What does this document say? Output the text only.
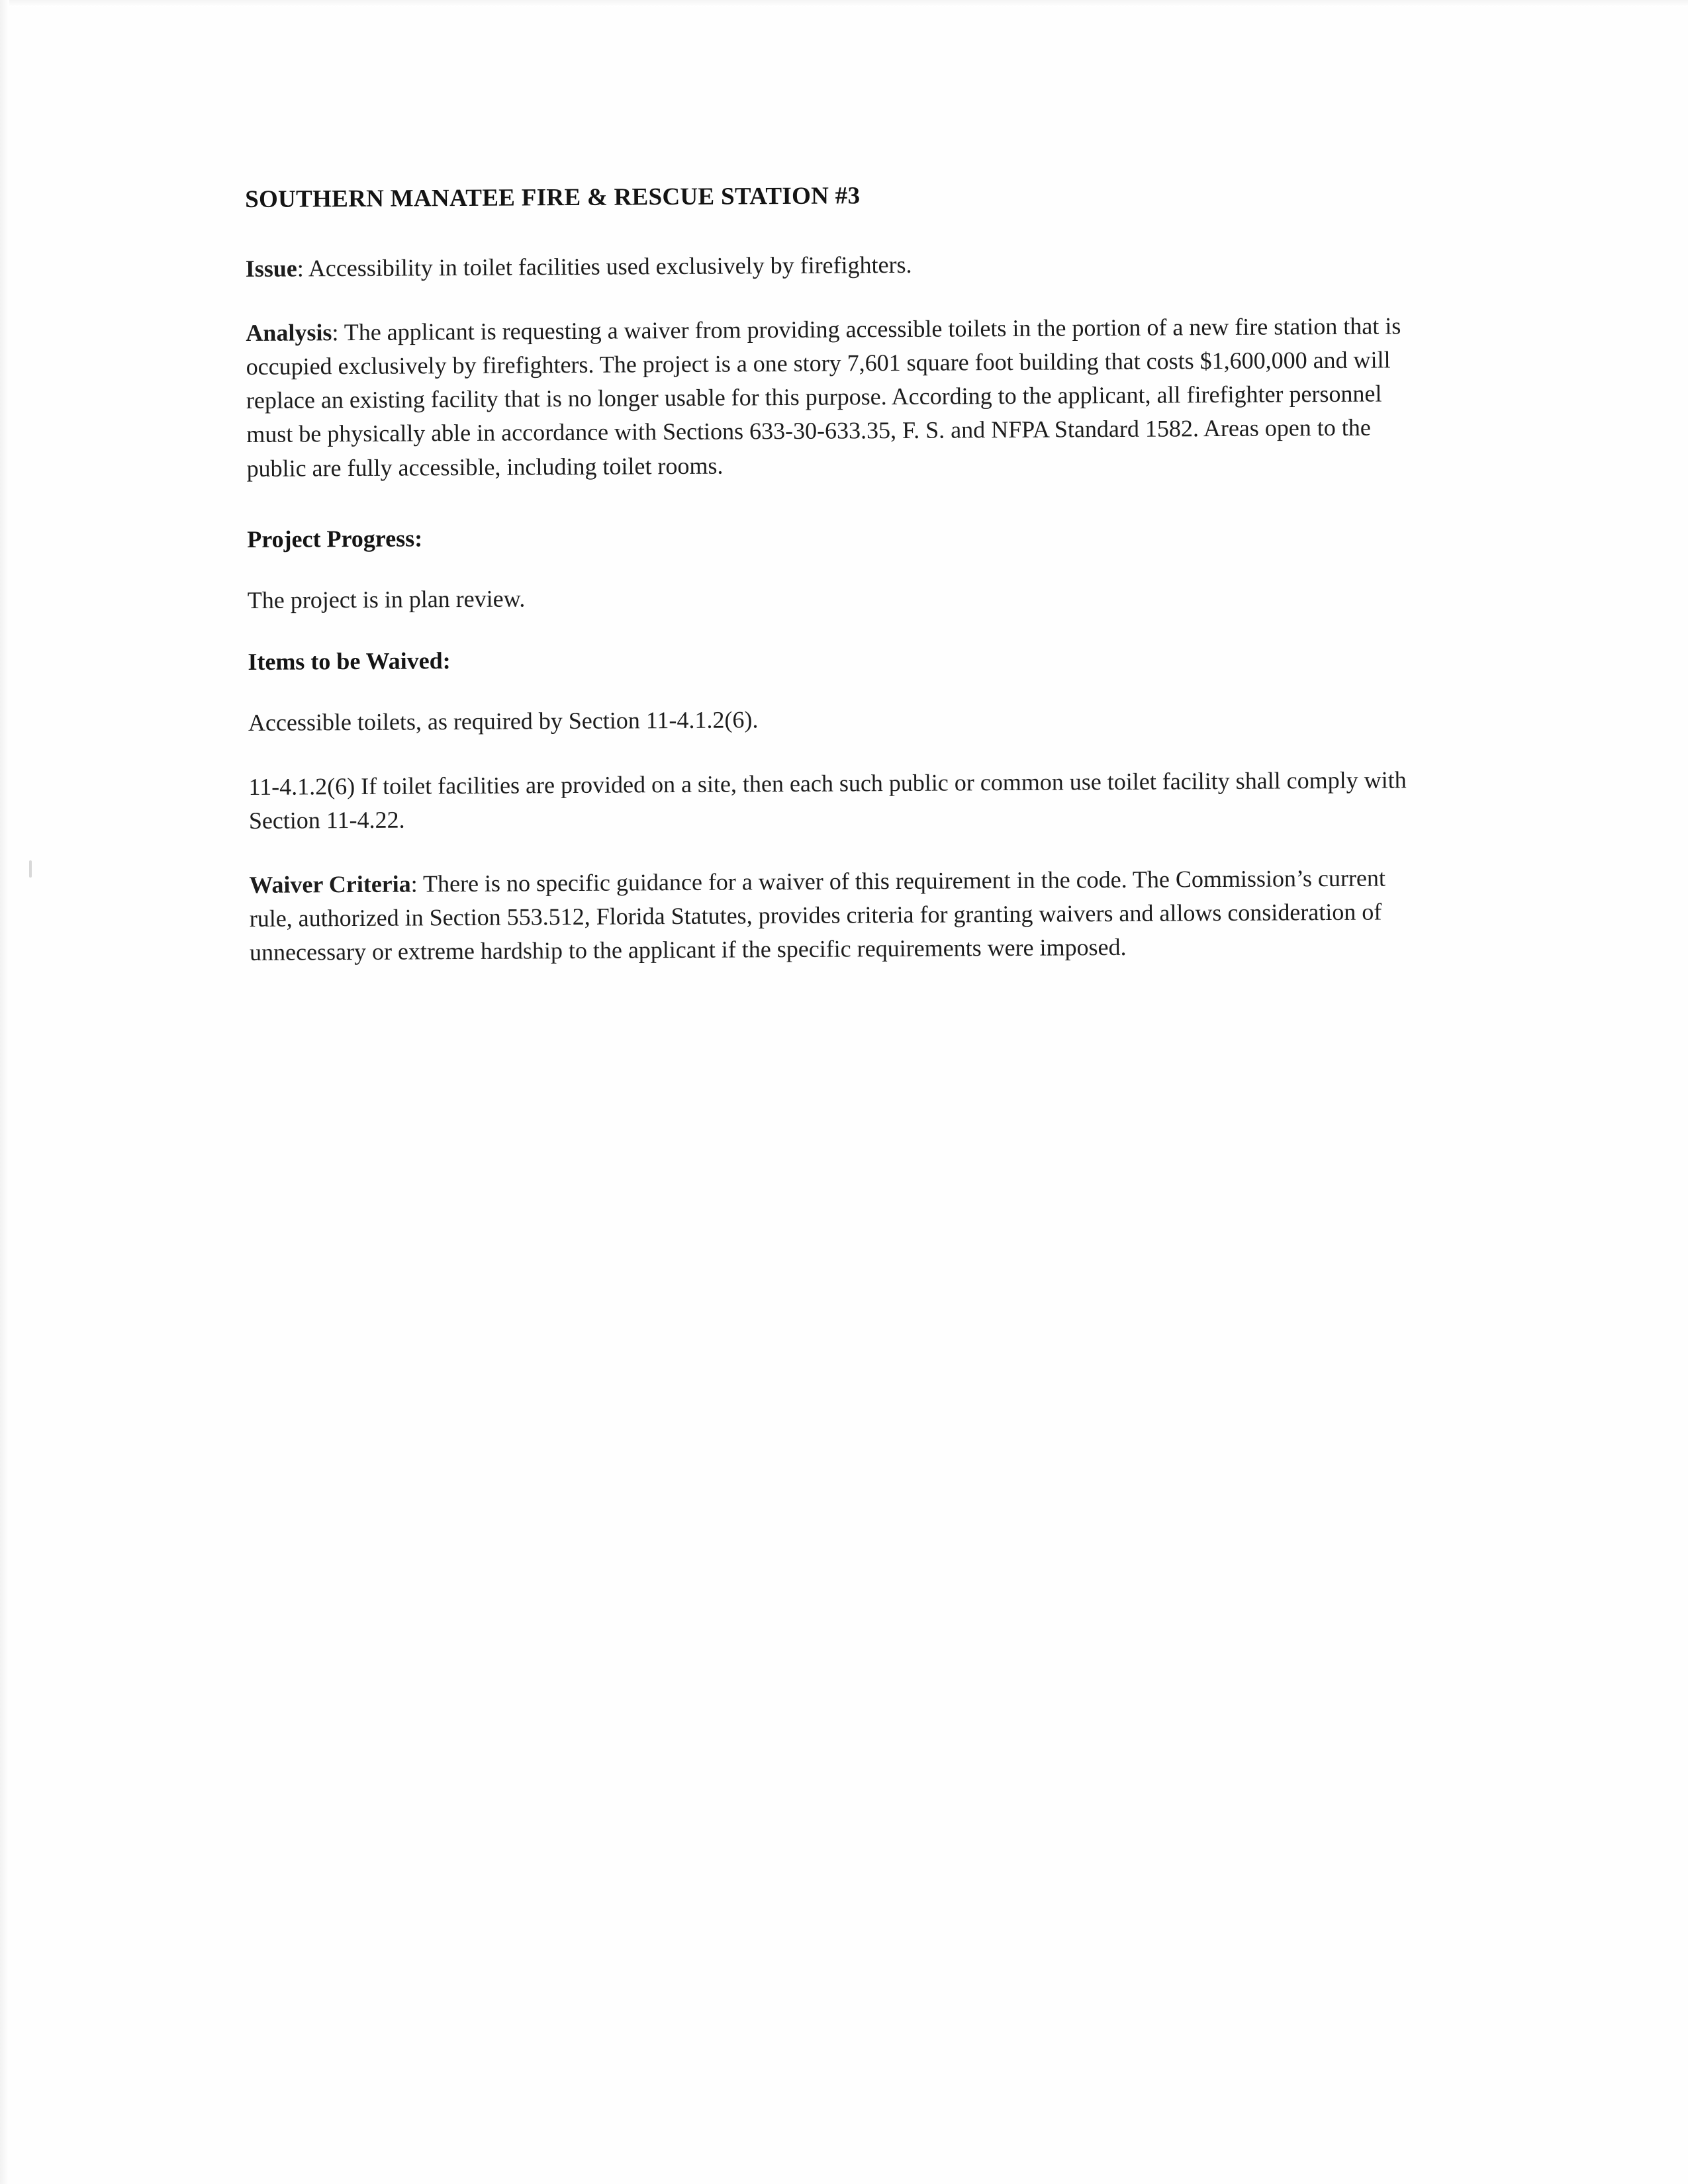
SOUTHERN MANATEE FIRE & RESCUE STATION #3

Issue: Accessibility in toilet facilities used exclusively by firefighters.

Analysis: The applicant is requesting a waiver from providing accessible toilets in the portion of a new fire station that is occupied exclusively by firefighters. The project is a one story 7,601 square foot building that costs $1,600,000 and will replace an existing facility that is no longer usable for this purpose. According to the applicant, all firefighter personnel must be physically able in accordance with Sections 633-30-633.35, F. S. and NFPA Standard 1582. Areas open to the public are fully accessible, including toilet rooms.

Project Progress:

The project is in plan review.

Items to be Waived:

Accessible toilets, as required by Section 11-4.1.2(6).

11-4.1.2(6) If toilet facilities are provided on a site, then each such public or common use toilet facility shall comply with Section 11-4.22.

Waiver Criteria: There is no specific guidance for a waiver of this requirement in the code. The Commission’s current rule, authorized in Section 553.512, Florida Statutes, provides criteria for granting waivers and allows consideration of unnecessary or extreme hardship to the applicant if the specific requirements were imposed.
